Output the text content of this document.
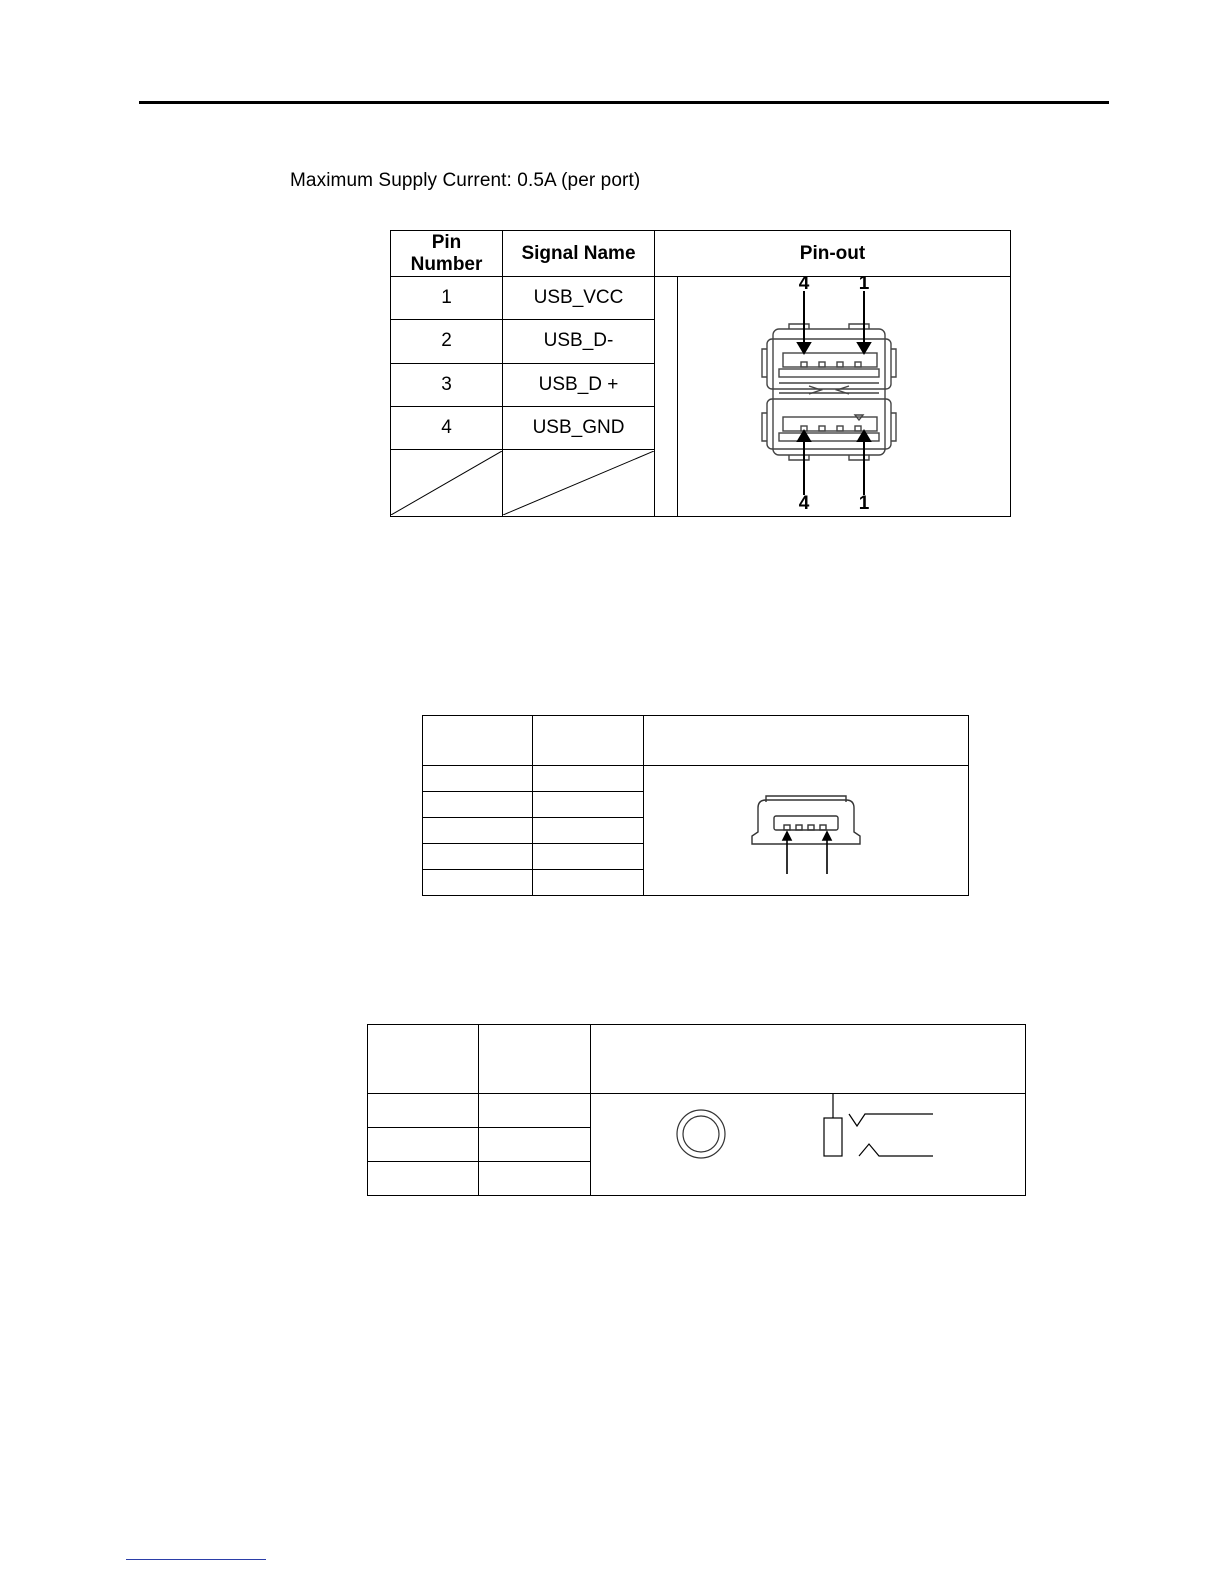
Maximum Supply Current: 0.5A (per port)
Pin Number	Signal Name	Pin-out	
1	USB_VCC		4 1
4 1

2	USB_D-		
3	USB_D +		
4	USB_GND		
